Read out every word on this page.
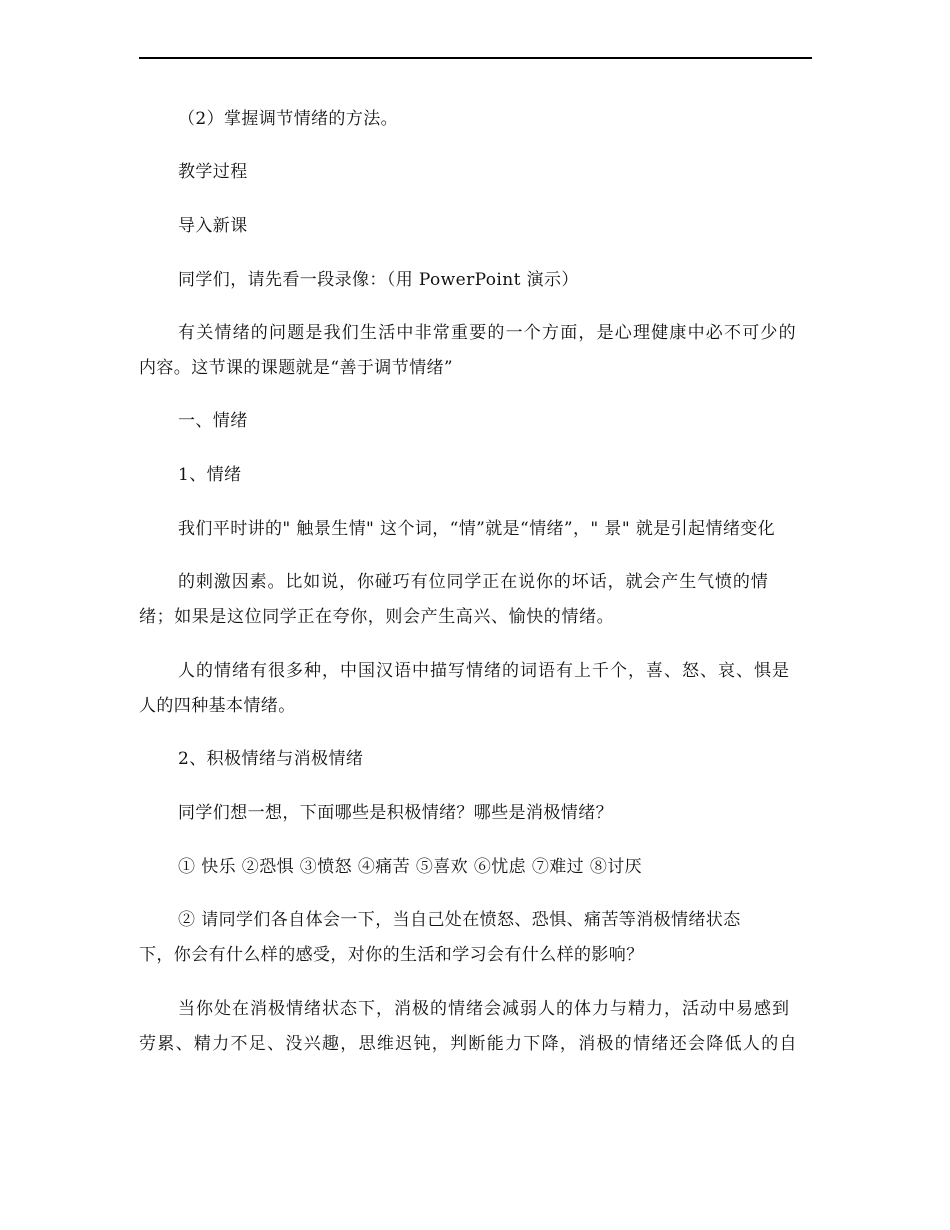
（2）掌握调节情绪的方法。
教学过程
导入新课
同学们，请先看一段录像：（用 PowerPoint 演示）
有关情绪的问题是我们生活中非常重要的一个方面，是心理健康中必不可少的
内容。这节课的课题就是“善于调节情绪”
一、情绪
1、情绪
我们平时讲的" 触景生情" 这个词，“情”就是“情绪”，" 景" 就是引起情绪变化
的刺激因素。比如说，你碰巧有位同学正在说你的坏话，就会产生气愤的情
绪；如果是这位同学正在夸你，则会产生高兴、愉快的情绪。
人的情绪有很多种，中国汉语中描写情绪的词语有上千个，喜、怒、哀、惧是
人的四种基本情绪。
2、积极情绪与消极情绪
同学们想一想，下面哪些是积极情绪？哪些是消极情绪？
① 快乐 ②恐惧 ③愤怒 ④痛苦 ⑤喜欢 ⑥忧虑 ⑦难过 ⑧讨厌
② 请同学们各自体会一下，当自己处在愤怒、恐惧、痛苦等消极情绪状态
下，你会有什么样的感受，对你的生活和学习会有什么样的影响？
当你处在消极情绪状态下，消极的情绪会减弱人的体力与精力，活动中易感到
劳累、精力不足、没兴趣，思维迟钝，判断能力下降，消极的情绪还会降低人的自
